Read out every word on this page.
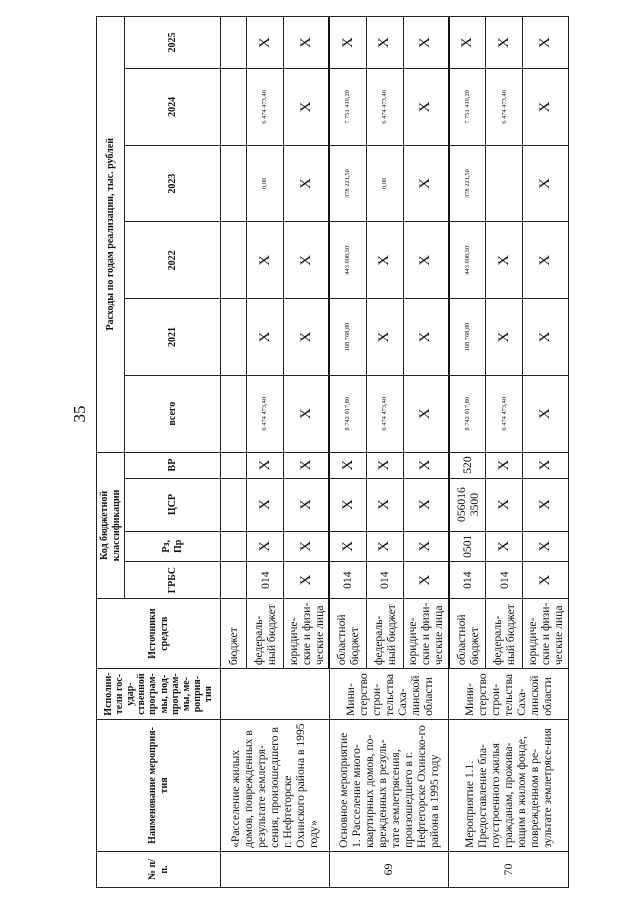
35
№ п/п.	Наименование мероприя-тия	Исполни-тели гос-удар-ственной програм-мы, под-програм-мы, ме-роприя-тия	Источники средств	Код бюджетной классификации				Расходы по годам реализации, тыс. рублей					
				ГРБС	Рз, Пр	ЦСР	ВР	всего	2021	2022	2023	2024	2025
	«Расселение жилых домов, поврежденных в результате землетря-сения, произошедшего в г. Нефтегорске Охинского района в 1995 году»		бюджет										
			федераль-ный бюджет	014	X	X	X	6 474 473,40	X	X	0,00	6 474 473,40	X
			юридиче-ские и физи-ческие лица	X	X	X	X	X	X	X	X	X	X
69	Основное мероприятие 1. Расселение много-квартирных домов, по-врежденных в резуль-тате землетрясения, произошедшего в г. Нефтегорске Охинско-го района в 1995 году	Мини-стерство строи-тельства Саха-линской области	областной бюджет	014	X	X	X	8 742 017,80	168 768,80	443 608,30	378 221,50	7 751 419,20	X
			федераль-ный бюджет	014	X	X	X	6 474 473,40	X	X	0,00	6 474 473,40	X
			юридиче-ские и физи-ческие лица	X	X	X	X	X	X	X	X	X	X
70	Мероприятие 1.1. Предоставление бла-гоустроенного жилья гражданам, прожива-ющим в жилом фонде, поврежденном в ре-зультате землетрясе-ния	Мини-стерство строи-тельства Саха-линской области	областной бюджет	014	0501	056016 3500	520	8 742 017,80	168 768,80	443 608,30	378 221,50	7 751 419,20	X
			федераль-ный бюджет	014	X	X	X	6 474 473,40	X	X		6 474 473,40	X
			юридиче-ские и физи-ческие лица	X	X	X	X	X	X	X	X	X	X
